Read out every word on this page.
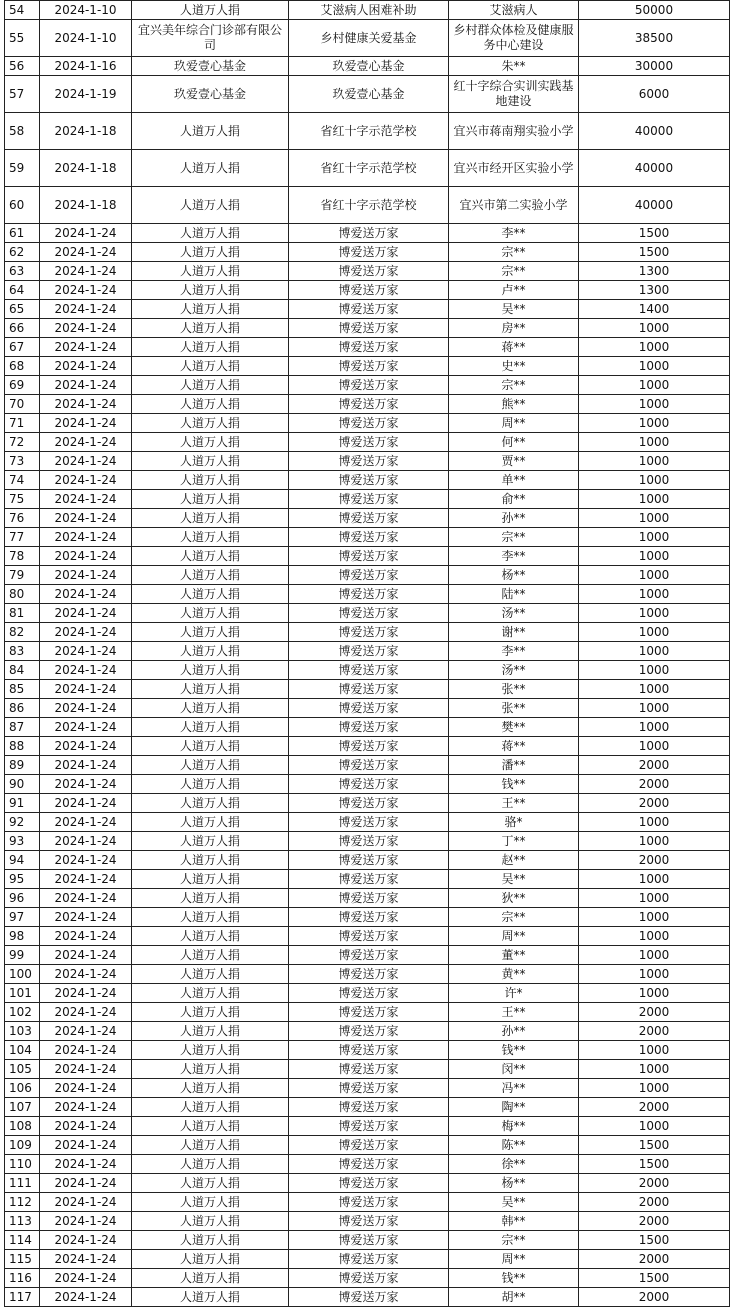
54	2024-1-10	人道万人捐	艾滋病人困难补助	艾滋病人	50000
55	2024-1-10	宜兴美年综合门诊部有限公司	乡村健康关爱基金	乡村群众体检及健康服务中心建设	38500
56	2024-1-16	玖爱壹心基金	玖爱壹心基金	朱**	30000
57	2024-1-19	玖爱壹心基金	玖爱壹心基金	红十字综合实训实践基地建设	6000
58	2024-1-18	人道万人捐	省红十字示范学校	宜兴市蒋南翔实验小学	40000
59	2024-1-18	人道万人捐	省红十字示范学校	宜兴市经开区实验小学	40000
60	2024-1-18	人道万人捐	省红十字示范学校	宜兴市第二实验小学	40000
61	2024-1-24	人道万人捐	博爱送万家	李**	1500
62	2024-1-24	人道万人捐	博爱送万家	宗**	1500
63	2024-1-24	人道万人捐	博爱送万家	宗**	1300
64	2024-1-24	人道万人捐	博爱送万家	卢**	1300
65	2024-1-24	人道万人捐	博爱送万家	吴**	1400
66	2024-1-24	人道万人捐	博爱送万家	房**	1000
67	2024-1-24	人道万人捐	博爱送万家	蒋**	1000
68	2024-1-24	人道万人捐	博爱送万家	史**	1000
69	2024-1-24	人道万人捐	博爱送万家	宗**	1000
70	2024-1-24	人道万人捐	博爱送万家	熊**	1000
71	2024-1-24	人道万人捐	博爱送万家	周**	1000
72	2024-1-24	人道万人捐	博爱送万家	何**	1000
73	2024-1-24	人道万人捐	博爱送万家	贾**	1000
74	2024-1-24	人道万人捐	博爱送万家	单**	1000
75	2024-1-24	人道万人捐	博爱送万家	俞**	1000
76	2024-1-24	人道万人捐	博爱送万家	孙**	1000
77	2024-1-24	人道万人捐	博爱送万家	宗**	1000
78	2024-1-24	人道万人捐	博爱送万家	李**	1000
79	2024-1-24	人道万人捐	博爱送万家	杨**	1000
80	2024-1-24	人道万人捐	博爱送万家	陆**	1000
81	2024-1-24	人道万人捐	博爱送万家	汤**	1000
82	2024-1-24	人道万人捐	博爱送万家	谢**	1000
83	2024-1-24	人道万人捐	博爱送万家	李**	1000
84	2024-1-24	人道万人捐	博爱送万家	汤**	1000
85	2024-1-24	人道万人捐	博爱送万家	张**	1000
86	2024-1-24	人道万人捐	博爱送万家	张**	1000
87	2024-1-24	人道万人捐	博爱送万家	樊**	1000
88	2024-1-24	人道万人捐	博爱送万家	蒋**	1000
89	2024-1-24	人道万人捐	博爱送万家	潘**	2000
90	2024-1-24	人道万人捐	博爱送万家	钱**	2000
91	2024-1-24	人道万人捐	博爱送万家	王**	2000
92	2024-1-24	人道万人捐	博爱送万家	骆*	1000
93	2024-1-24	人道万人捐	博爱送万家	丁**	1000
94	2024-1-24	人道万人捐	博爱送万家	赵**	2000
95	2024-1-24	人道万人捐	博爱送万家	吴**	1000
96	2024-1-24	人道万人捐	博爱送万家	狄**	1000
97	2024-1-24	人道万人捐	博爱送万家	宗**	1000
98	2024-1-24	人道万人捐	博爱送万家	周**	1000
99	2024-1-24	人道万人捐	博爱送万家	董**	1000
100	2024-1-24	人道万人捐	博爱送万家	黄**	1000
101	2024-1-24	人道万人捐	博爱送万家	许*	1000
102	2024-1-24	人道万人捐	博爱送万家	王**	2000
103	2024-1-24	人道万人捐	博爱送万家	孙**	2000
104	2024-1-24	人道万人捐	博爱送万家	钱**	1000
105	2024-1-24	人道万人捐	博爱送万家	闵**	1000
106	2024-1-24	人道万人捐	博爱送万家	冯**	1000
107	2024-1-24	人道万人捐	博爱送万家	陶**	2000
108	2024-1-24	人道万人捐	博爱送万家	梅**	1000
109	2024-1-24	人道万人捐	博爱送万家	陈**	1500
110	2024-1-24	人道万人捐	博爱送万家	徐**	1500
111	2024-1-24	人道万人捐	博爱送万家	杨**	2000
112	2024-1-24	人道万人捐	博爱送万家	吴**	2000
113	2024-1-24	人道万人捐	博爱送万家	韩**	2000
114	2024-1-24	人道万人捐	博爱送万家	宗**	1500
115	2024-1-24	人道万人捐	博爱送万家	周**	2000
116	2024-1-24	人道万人捐	博爱送万家	钱**	1500
117	2024-1-24	人道万人捐	博爱送万家	胡**	2000
